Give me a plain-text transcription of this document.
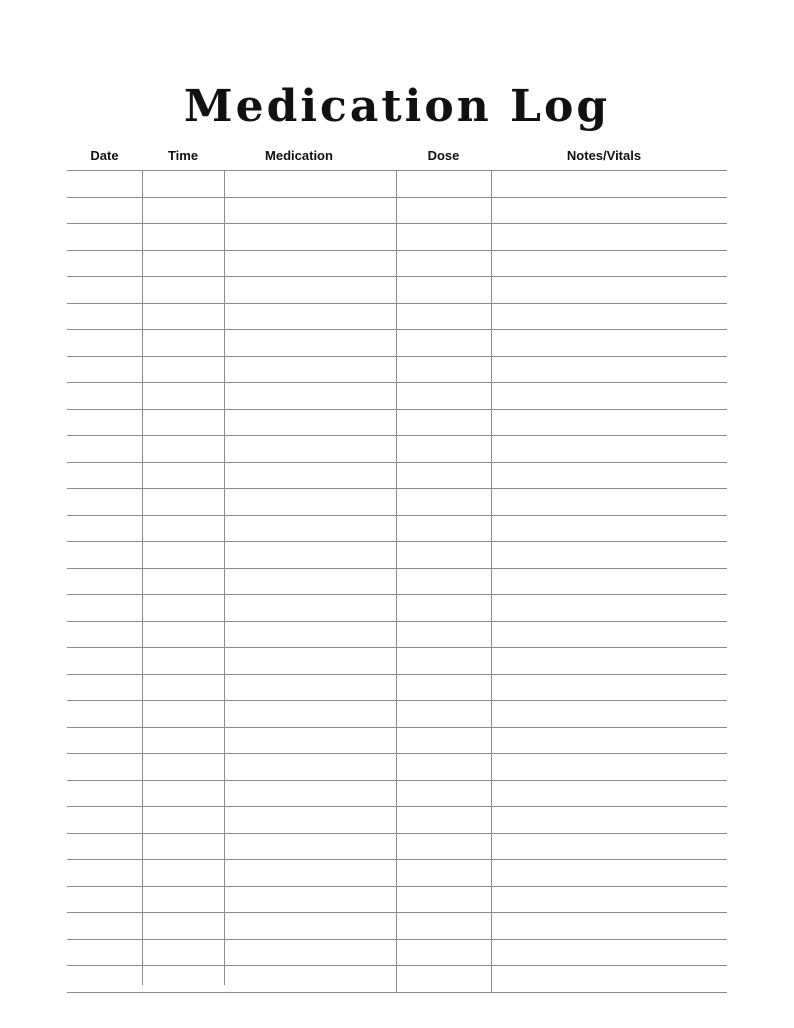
Medication Log
Date	Time	Medication	Dose	Notes/Vitals
